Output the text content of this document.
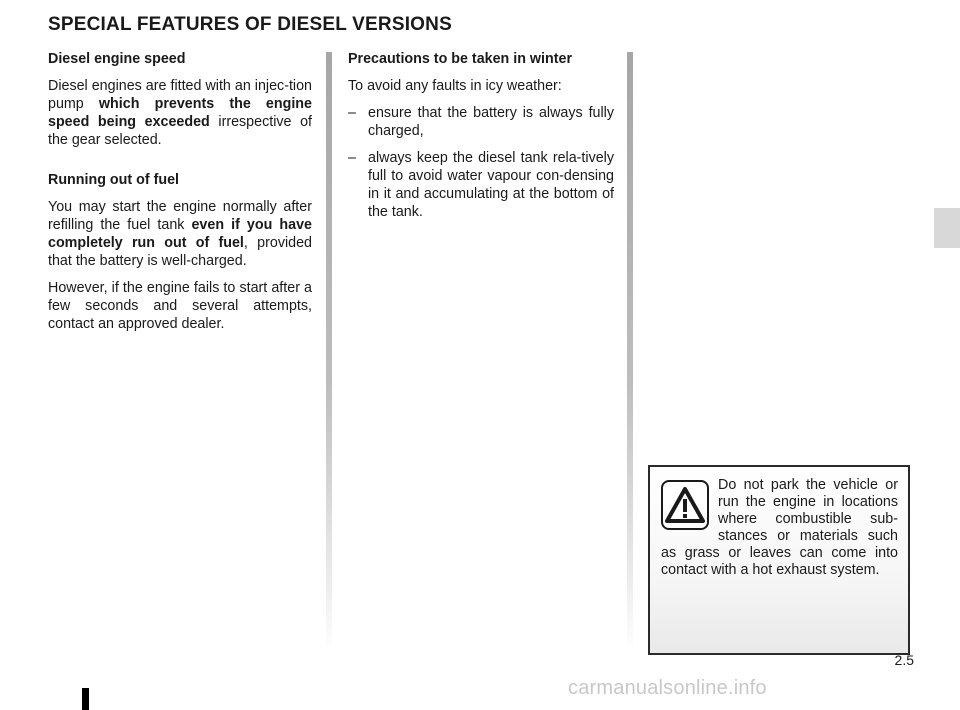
SPECIAL FEATURES OF DIESEL VERSIONS
Diesel engine speed

Diesel engines are fitted with an injec-tion pump which prevents the engine speed being exceeded irrespective of the gear selected.

Running out of fuel

You may start the engine normally after refilling the fuel tank even if you have completely run out of fuel, provided that the battery is well-charged.

However, if the engine fails to start after a few seconds and several attempts, contact an approved dealer.

Precautions to be taken in winter

To avoid any faults in icy weather:

– ensure that the battery is always fully charged,
– always keep the diesel tank rela-tively full to avoid water vapour con-densing in it and accumulating at the bottom of the tank.

Do not park the vehicle or run the engine in locations where combustible sub-stances or materials such as grass or leaves can come into contact with a hot exhaust system.

2.5
carmanualsonline.info
